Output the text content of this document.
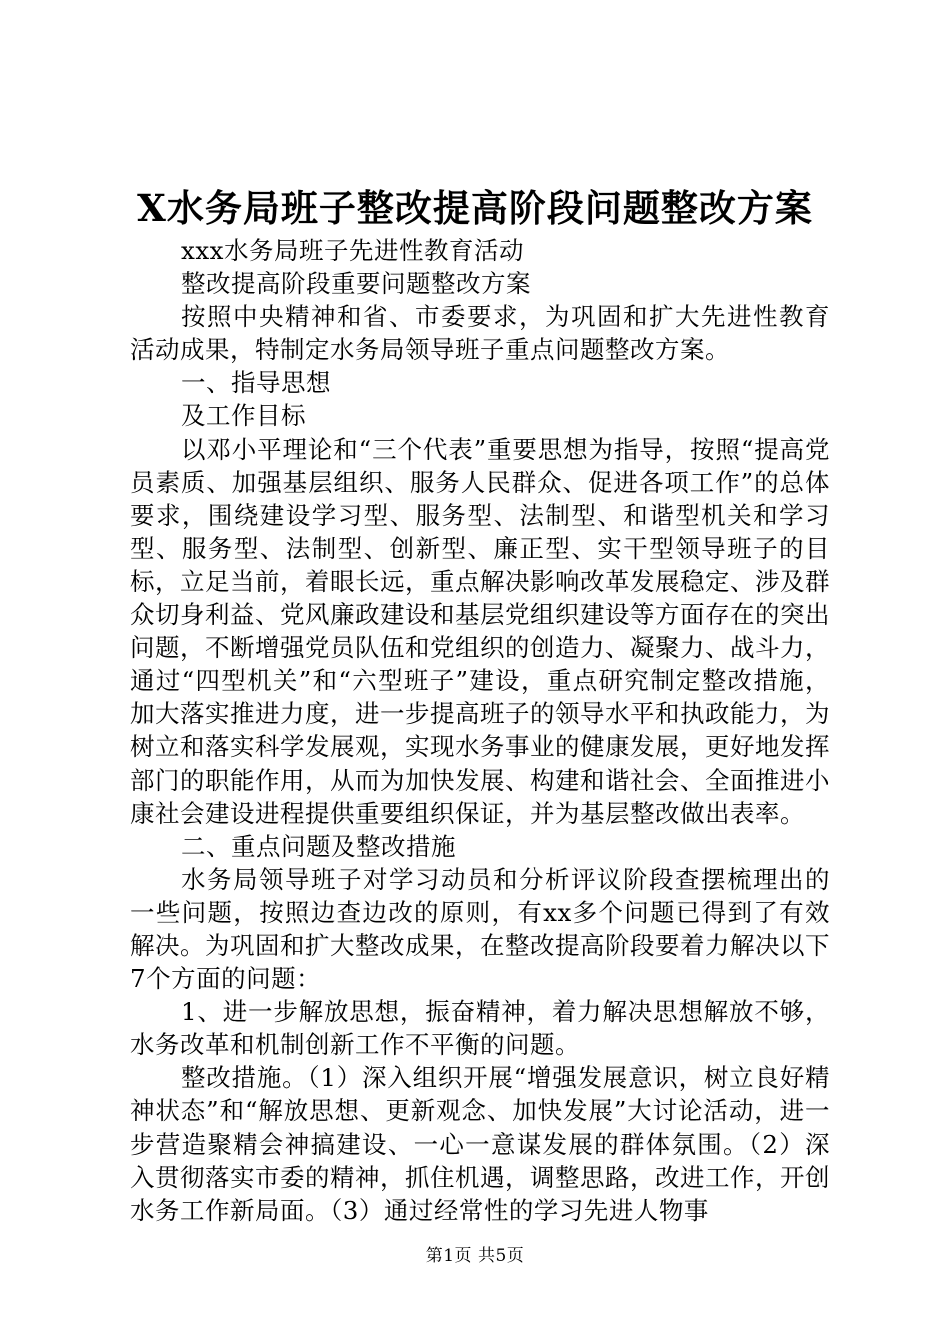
X水务局班子整改提高阶段问题整改方案

xxx水务局班子先进性教育活动

整改提高阶段重要问题整改方案

按照中央精神和省、市委要求，为巩固和扩大先进性教育活动成果，特制定水务局领导班子重点问题整改方案。

一、指导思想

及工作目标

以邓小平理论和“三个代表”重要思想为指导，按照“提高党员素质、加强基层组织、服务人民群众、促进各项工作”的总体要求，围绕建设学习型、服务型、法制型、和谐型机关和学习型、服务型、法制型、创新型、廉正型、实干型领导班子的目标，立足当前，着眼长远，重点解决影响改革发展稳定、涉及群众切身利益、党风廉政建设和基层党组织建设等方面存在的突出问题，不断增强党员队伍和党组织的创造力、凝聚力、战斗力，通过“四型机关”和“六型班子”建设，重点研究制定整改措施，加大落实推进力度，进一步提高班子的领导水平和执政能力，为树立和落实科学发展观，实现水务事业的健康发展，更好地发挥部门的职能作用，从而为加快发展、构建和谐社会、全面推进小康社会建设进程提供重要组织保证，并为基层整改做出表率。

二、重点问题及整改措施

水务局领导班子对学习动员和分析评议阶段查摆梳理出的一些问题，按照边查边改的原则，有xx多个问题已得到了有效解决。为巩固和扩大整改成果，在整改提高阶段要着力解决以下7个方面的问题：

1、进一步解放思想，振奋精神，着力解决思想解放不够，水务改革和机制创新工作不平衡的问题。

整改措施。（1）深入组织开展“增强发展意识，树立良好精神状态”和“解放思想、更新观念、加快发展”大讨论活动，进一步营造聚精会神搞建设、一心一意谋发展的群体氛围。（2）深入贯彻落实市委的精神，抓住机遇，调整思路，改进工作，开创水务工作新局面。（3）通过经常性的学习先进人物事

第1页 共5页
